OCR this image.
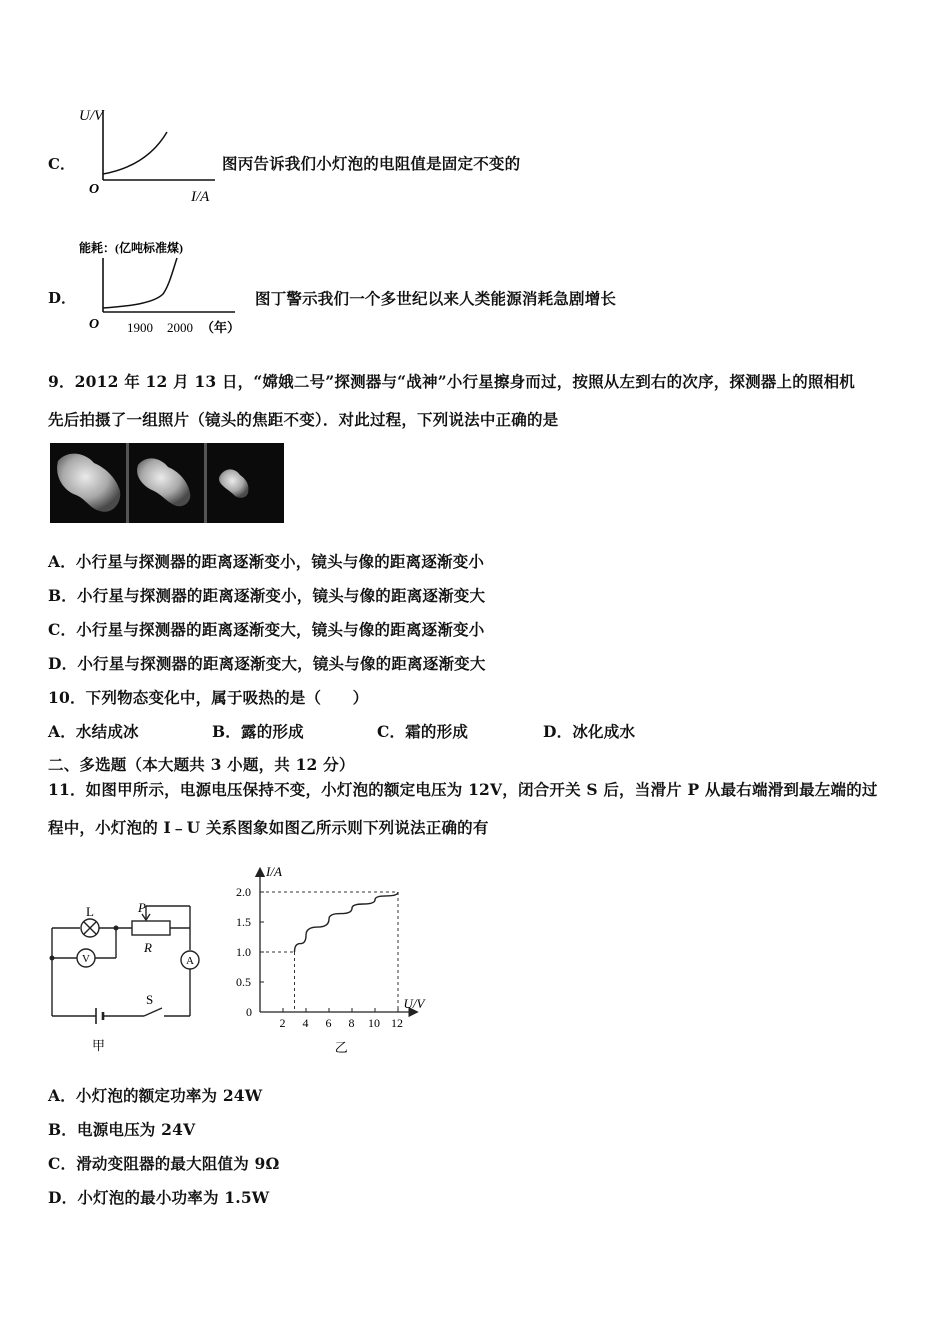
C．
U/V
O	I/A
图丙告诉我们小灯泡的电阻值是固定不变的
D．
能耗：(亿吨标准煤)
O 1900 2000 （年）
图丁警示我们一个多世纪以来人类能源消耗急剧增长
9．2012 年 12 月 13 日，“嫦娥二号”探测器与“战神”小行星擦身而过，按照从左到右的次序，探测器上的照相机
先后拍摄了一组照片（镜头的焦距不变）．对此过程，下列说法中正确的是
A．小行星与探测器的距离逐渐变小，镜头与像的距离逐渐变小
B．小行星与探测器的距离逐渐变小，镜头与像的距离逐渐变大
C．小行星与探测器的距离逐渐变大，镜头与像的距离逐渐变小
D．小行星与探测器的距离逐渐变大，镜头与像的距离逐渐变大
10．下列物态变化中，属于吸热的是（　　）
A．水结成冰	B．露的形成	C．霜的形成	D．冰化成水
二、多选题（本大题共 3 小题，共 12 分）
11．如图甲所示，电源电压保持不变，小灯泡的额定电压为 12V，闭合开关 S 后，当滑片 P 从最右端滑到最左端的过
程中，小灯泡的 I﹣U 关系图象如图乙所示则下列说法正确的有
L	P
R
V	A
S
甲
2 4 6 8 10 12
0.5
1.0
1.5
2.0
I/A
U/V
0
乙
A．小灯泡的额定功率为 24W
B．电源电压为 24V
C．滑动变阻器的最大阻值为 9Ω
D．小灯泡的最小功率为 1.5W
